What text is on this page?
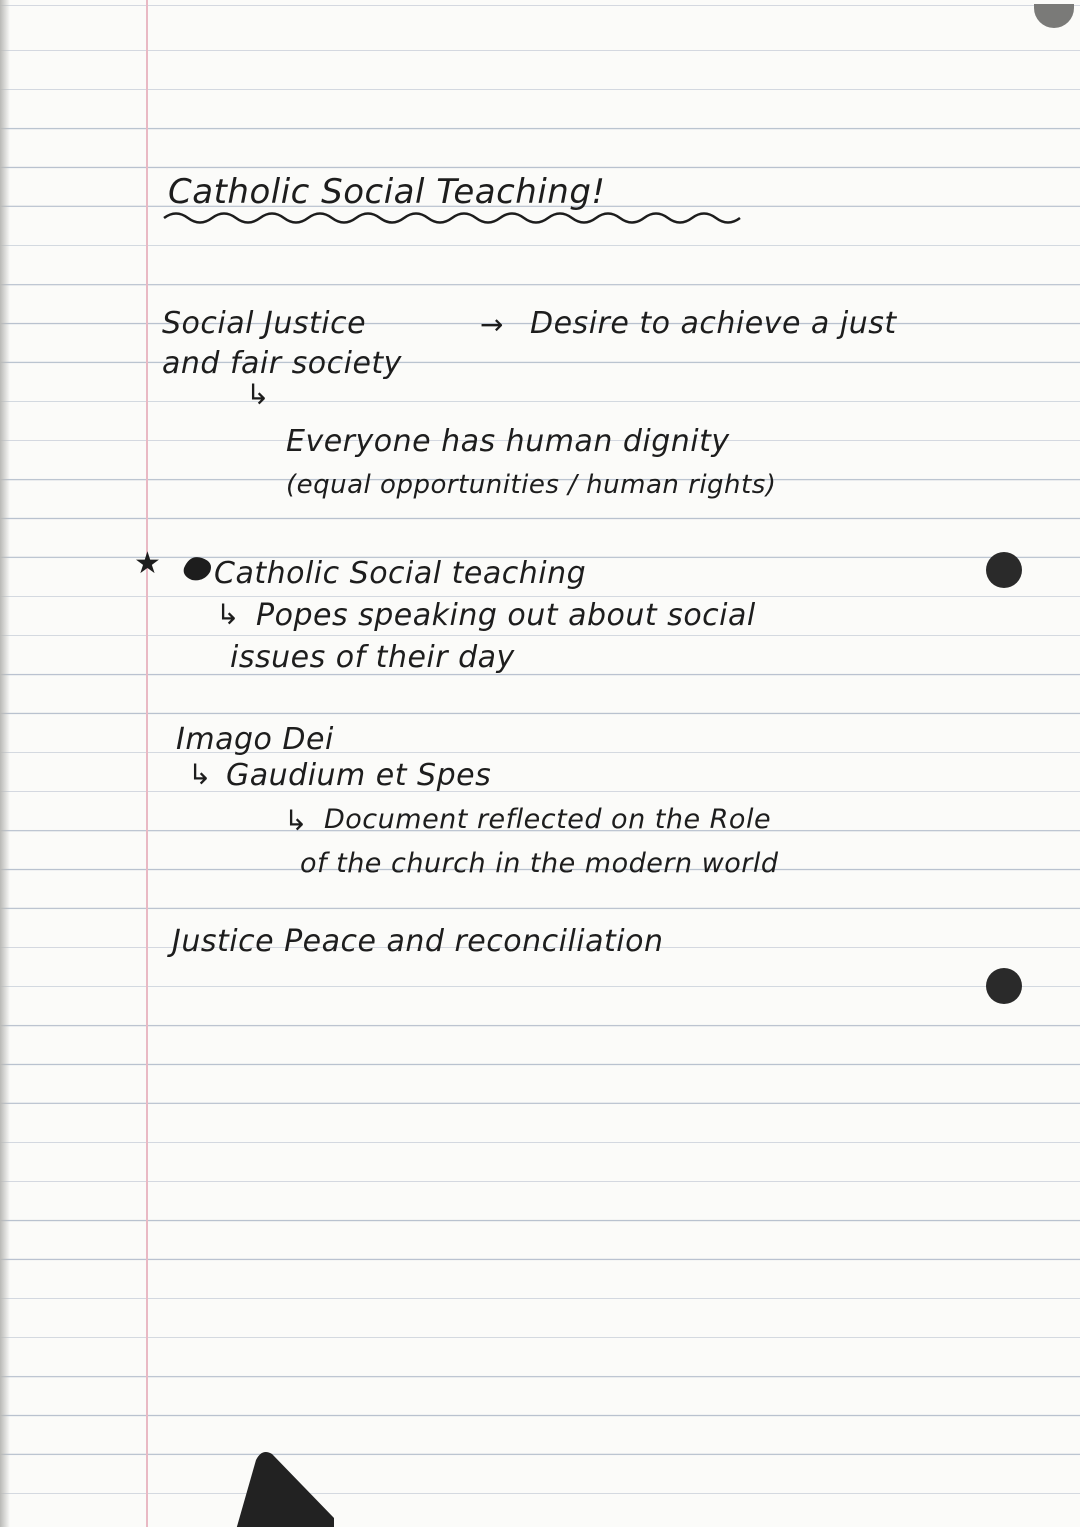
Catholic Social Teaching!
Social Justice	→ Desire to achieve a just
and fair society
↳
Everyone has human dignity
(equal opportunities / human rights)
★ Catholic Social teaching
↳ Popes speaking out about social
issues of their day
Imago Dei
↳ Gaudium et Spes
↳ Document reflected on the Role
of the church in the modern world
Justice Peace and reconciliation
